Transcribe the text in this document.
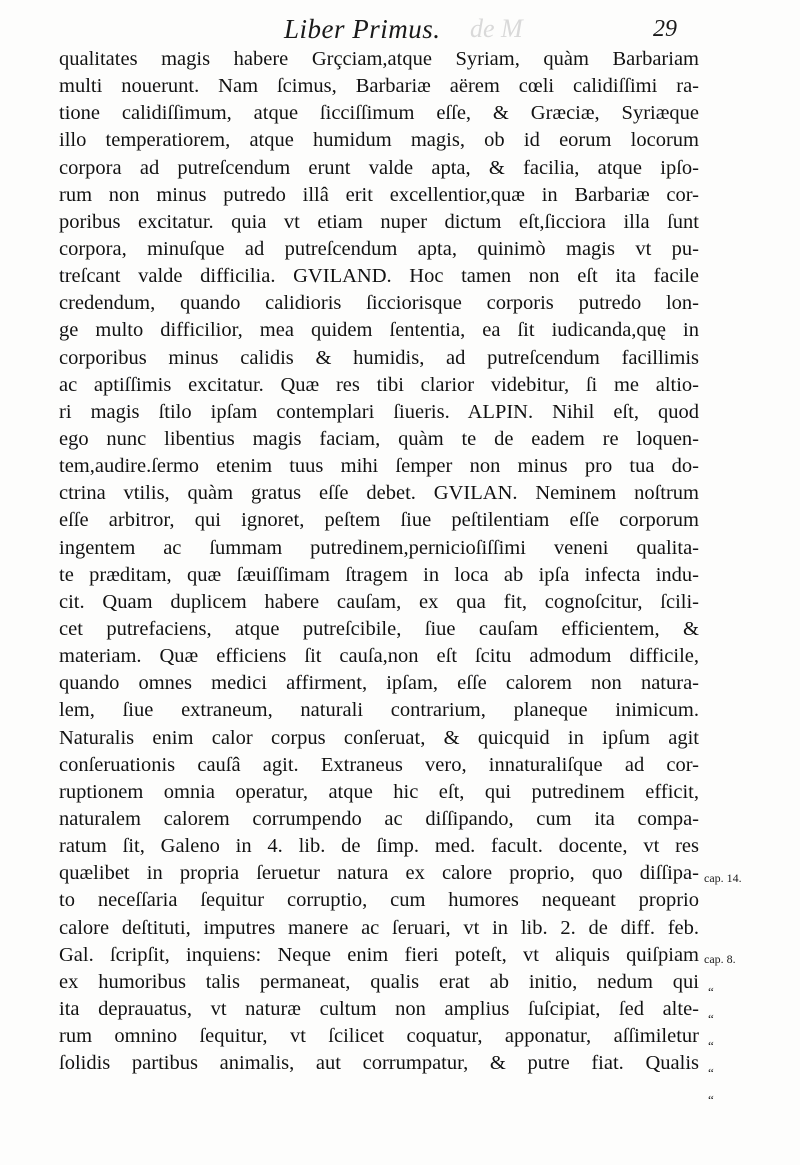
de M
Liber Primus.	29
qualitates magis habere Grçciam,atque Syriam, quàm Barbariam
multi nouerunt. Nam ſcimus, Barbariæ aërem cœli calidiſſimi ra-
tione calidiſſimum, atque ſicciſſimum eſſe, & Græciæ, Syriæque
illo temperatiorem, atque humidum magis, ob id eorum locorum
corpora ad putreſcendum erunt valde apta, & facilia, atque ipſo-
rum non minus putredo illâ erit excellentior,quæ in Barbariæ cor-
poribus excitatur. quia vt etiam nuper dictum eſt,ſicciora illa ſunt
corpora, minuſque ad putreſcendum apta, quinimò magis vt pu-
treſcant valde difficilia. GVILAND. Hoc tamen non eſt ita facile
credendum, quando calidioris ſicciorisque corporis putredo lon-
ge multo difficilior, mea quidem ſententia, ea ſit iudicanda,quę in
corporibus minus calidis & humidis, ad putreſcendum facillimis
ac aptiſſimis excitatur. Quæ res tibi clarior videbitur, ſi me altio-
ri magis ſtilo ipſam contemplari ſiueris. ALPIN. Nihil eſt, quod
ego nunc libentius magis faciam, quàm te de eadem re loquen-
tem,audire.ſermo etenim tuus mihi ſemper non minus pro tua do-
ctrina vtilis, quàm gratus eſſe debet. GVILAN. Neminem noſtrum
eſſe arbitror, qui ignoret, peſtem ſiue peſtilentiam eſſe corporum
ingentem ac ſummam putredinem,pernicioſiſſimi veneni qualita-
te præditam, quæ ſæuiſſimam ſtragem in loca ab ipſa infecta indu-
cit. Quam duplicem habere cauſam, ex qua fit, cognoſcitur, ſcili-
cet putrefaciens, atque putreſcibile, ſiue cauſam efficientem, &
materiam. Quæ efficiens ſit cauſa,non eſt ſcitu admodum difficile,
quando omnes medici affirment, ipſam, eſſe calorem non natura-
lem, ſiue extraneum, naturali contrarium, planeque inimicum.
Naturalis enim calor corpus conſeruat, & quicquid in ipſum agit
conſeruationis cauſâ agit. Extraneus vero, innaturaliſque ad cor-
ruptionem omnia operatur, atque hic eſt, qui putredinem efficit,
naturalem calorem corrumpendo ac diſſipando, cum ita compa-
ratum ſit, Galeno in 4. lib. de ſimp. med. facult. docente, vt res
quælibet in propria ſeruetur natura ex calore proprio, quo diſſipa-
to neceſſaria ſequitur corruptio, cum humores nequeant proprio
calore deſtituti, imputres manere ac ſeruari, vt in lib. 2. de diff. feb.
Gal. ſcripſit, inquiens: Neque enim fieri poteſt, vt aliquis quiſpiam
ex humoribus talis permaneat, qualis erat ab initio, nedum qui
ita deprauatus, vt naturæ cultum non amplius ſuſcipiat, ſed alte-
rum omnino ſequitur, vt ſcilicet coquatur, apponatur, aſſimiletur
ſolidis partibus animalis, aut corrumpatur, & putre fiat. Qualis
cap. 14.
cap. 8.
“
“
“
“
“
